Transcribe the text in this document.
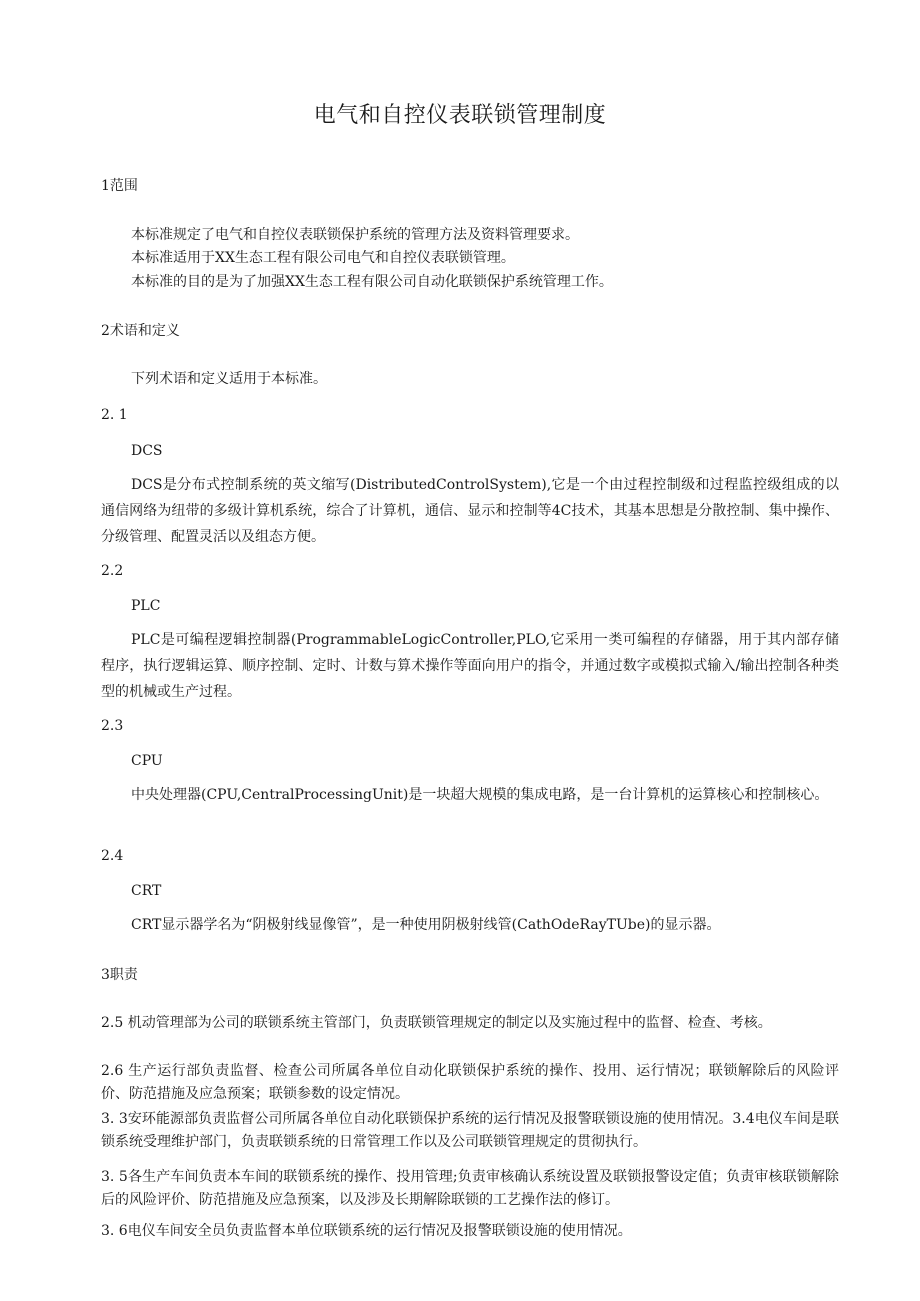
电气和自控仪表联锁管理制度
1范围
本标准规定了电气和自控仪表联锁保护系统的管理方法及资料管理要求。
本标准适用于XX生态工程有限公司电气和自控仪表联锁管理。
本标准的目的是为了加强XX生态工程有限公司自动化联锁保护系统管理工作。
2术语和定义
下列术语和定义适用于本标准。
2. 1
DCS
DCS是分布式控制系统的英文缩写(DistributedControlSystem),它是一个由过程控制级和过程监控级组成的以通信网络为纽带的多级计算机系统，综合了计算机，通信、显示和控制等4C技术，其基本思想是分散控制、集中操作、分级管理、配置灵活以及组态方便。
2.2
PLC
PLC是可编程逻辑控制器(ProgrammableLogicController,PLO,它采用一类可编程的存储器，用于其内部存储程序，执行逻辑运算、顺序控制、定时、计数与算术操作等面向用户的指令，并通过数字或模拟式输入/输出控制各种类型的机械或生产过程。
2.3
CPU
中央处理器(CPU,CentralProcessingUnit)是一块超大规模的集成电路，是一台计算机的运算核心和控制核心。
2.4
CRT
CRT显示器学名为“阴极射线显像管”，是一种使用阴极射线管(CathOdeRayTUbe)的显示器。
3职责
2.5 机动管理部为公司的联锁系统主管部门，负责联锁管理规定的制定以及实施过程中的监督、检查、考核。
2.6 生产运行部负责监督、检查公司所属各单位自动化联锁保护系统的操作、投用、运行情况；联锁解除后的风险评价、防范措施及应急预案；联锁参数的设定情况。
3. 3安环能源部负责监督公司所属各单位自动化联锁保护系统的运行情况及报警联锁设施的使用情况。3.4电仪车间是联锁系统受理维护部门，负责联锁系统的日常管理工作以及公司联锁管理规定的贯彻执行。
3. 5各生产车间负责本车间的联锁系统的操作、投用管理;负责审核确认系统设置及联锁报警设定值；负责审核联锁解除后的风险评价、防范措施及应急预案，以及涉及长期解除联锁的工艺操作法的修订。
3. 6电仪车间安全员负责监督本单位联锁系统的运行情况及报警联锁设施的使用情况。
